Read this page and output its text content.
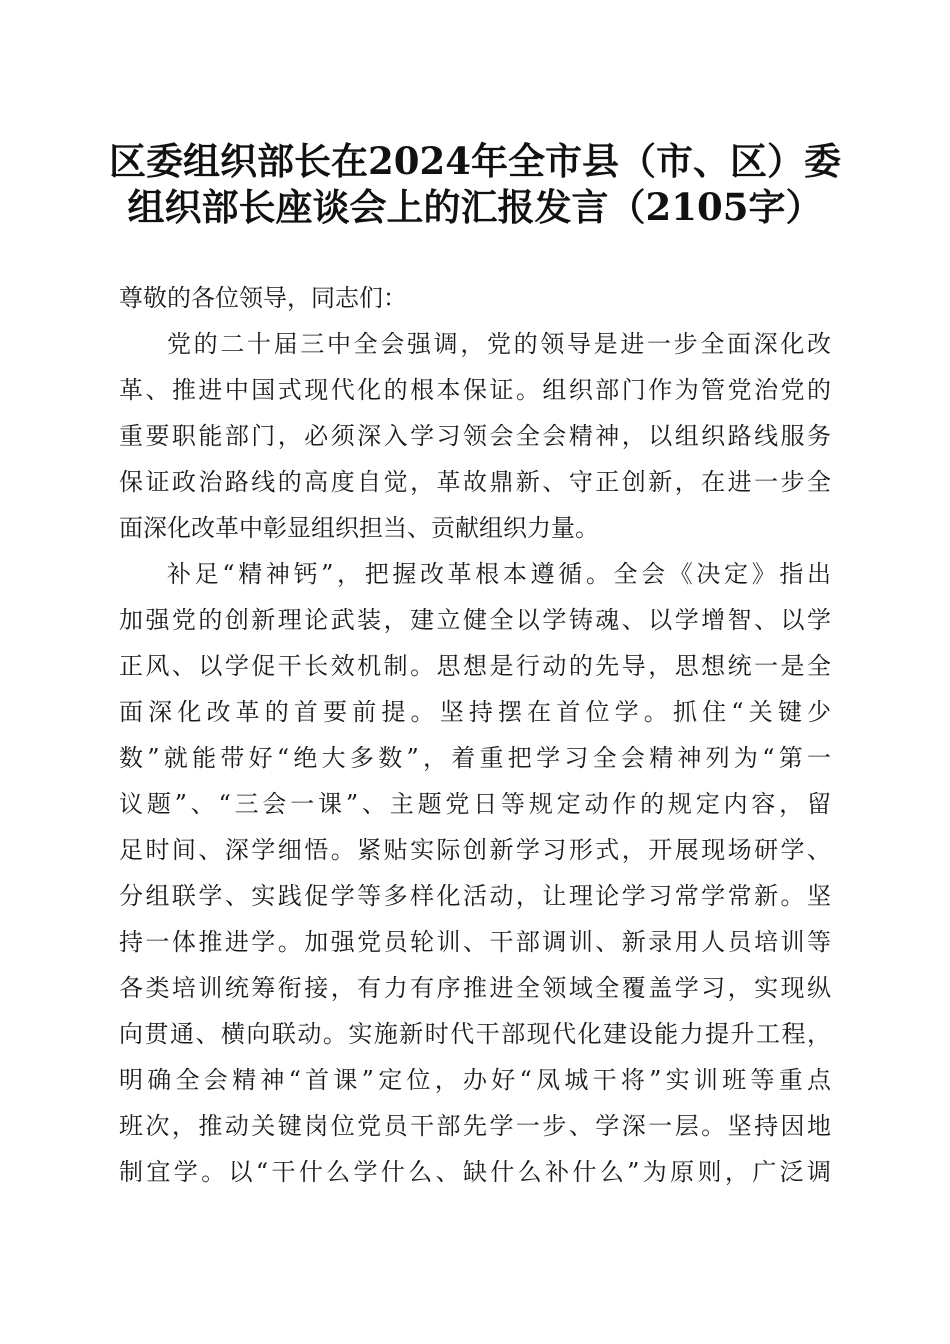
区委组织部长在2024年全市县（市、区）委
组织部长座谈会上的汇报发言（2105字）
尊敬的各位领导，同志们：
党的二十届三中全会强调，党的领导是进一步全面深化改
革、推进中国式现代化的根本保证。组织部门作为管党治党的
重要职能部门，必须深入学习领会全会精神，以组织路线服务
保证政治路线的高度自觉，革故鼎新、守正创新，在进一步全
面深化改革中彰显组织担当、贡献组织力量。
补足“精神钙”，把握改革根本遵循。全会《决定》指出
加强党的创新理论武装，建立健全以学铸魂、以学增智、以学
正风、以学促干长效机制。思想是行动的先导，思想统一是全
面深化改革的首要前提。坚持摆在首位学。抓住“关键少
数”就能带好“绝大多数”，着重把学习全会精神列为“第一
议题”、“三会一课”、主题党日等规定动作的规定内容，留
足时间、深学细悟。紧贴实际创新学习形式，开展现场研学、
分组联学、实践促学等多样化活动，让理论学习常学常新。坚
持一体推进学。加强党员轮训、干部调训、新录用人员培训等
各类培训统筹衔接，有力有序推进全领域全覆盖学习，实现纵
向贯通、横向联动。实施新时代干部现代化建设能力提升工程，
明确全会精神“首课”定位，办好“凤城干将”实训班等重点
班次，推动关键岗位党员干部先学一步、学深一层。坚持因地
制宜学。以“干什么学什么、缺什么补什么”为原则，广泛调
